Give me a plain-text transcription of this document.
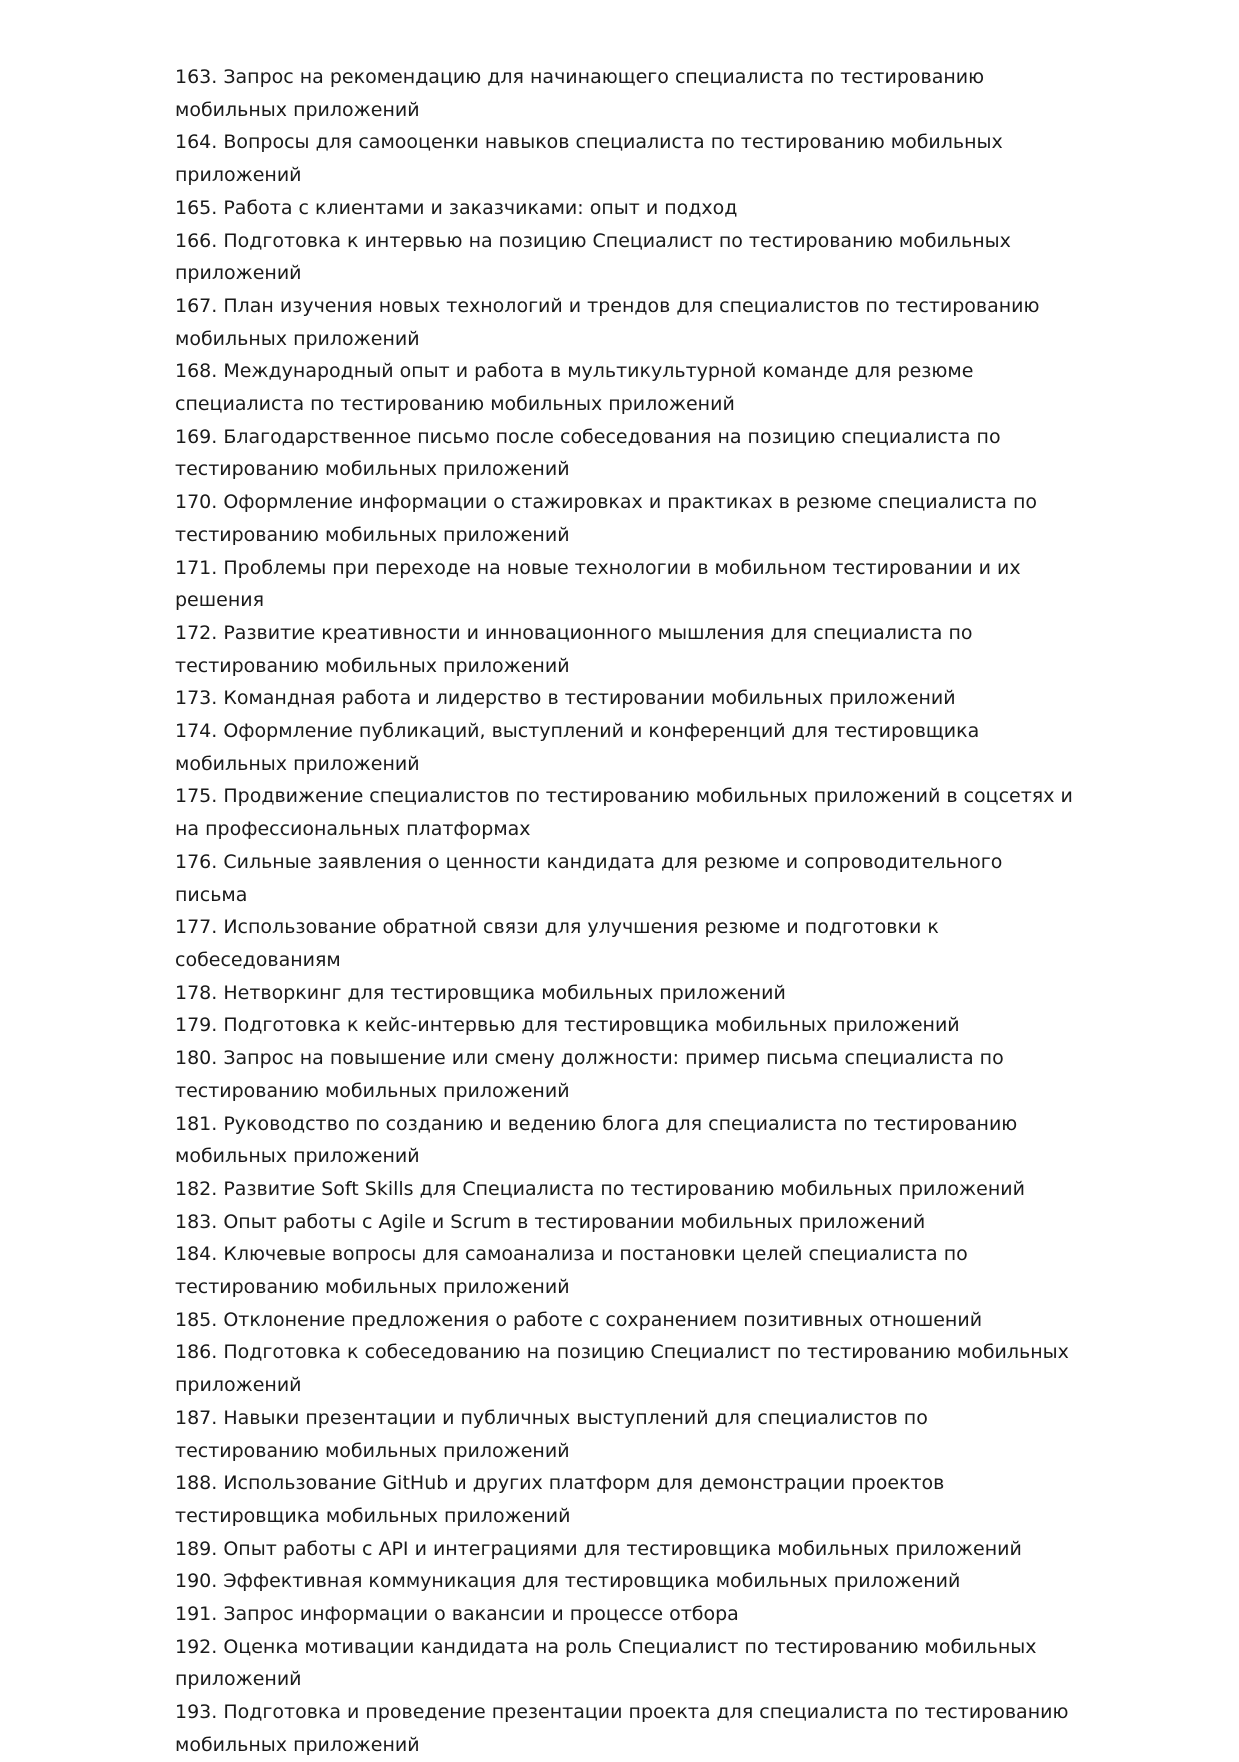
163. Запрос на рекомендацию для начинающего специалиста по тестированию мобильных приложений
164. Вопросы для самооценки навыков специалиста по тестированию мобильных приложений
165. Работа с клиентами и заказчиками: опыт и подход
166. Подготовка к интервью на позицию Специалист по тестированию мобильных приложений
167. План изучения новых технологий и трендов для специалистов по тестированию мобильных приложений
168. Международный опыт и работа в мультикультурной команде для резюме специалиста по тестированию мобильных приложений
169. Благодарственное письмо после собеседования на позицию специалиста по тестированию мобильных приложений
170. Оформление информации о стажировках и практиках в резюме специалиста по тестированию мобильных приложений
171. Проблемы при переходе на новые технологии в мобильном тестировании и их решения
172. Развитие креативности и инновационного мышления для специалиста по тестированию мобильных приложений
173. Командная работа и лидерство в тестировании мобильных приложений
174. Оформление публикаций, выступлений и конференций для тестировщика мобильных приложений
175. Продвижение специалистов по тестированию мобильных приложений в соцсетях и на профессиональных платформах
176. Сильные заявления о ценности кандидата для резюме и сопроводительного письма
177. Использование обратной связи для улучшения резюме и подготовки к собеседованиям
178. Нетворкинг для тестировщика мобильных приложений
179. Подготовка к кейс-интервью для тестировщика мобильных приложений
180. Запрос на повышение или смену должности: пример письма специалиста по тестированию мобильных приложений
181. Руководство по созданию и ведению блога для специалиста по тестированию мобильных приложений
182. Развитие Soft Skills для Специалиста по тестированию мобильных приложений
183. Опыт работы с Agile и Scrum в тестировании мобильных приложений
184. Ключевые вопросы для самоанализа и постановки целей специалиста по тестированию мобильных приложений
185. Отклонение предложения о работе с сохранением позитивных отношений
186. Подготовка к собеседованию на позицию Специалист по тестированию мобильных приложений
187. Навыки презентации и публичных выступлений для специалистов по тестированию мобильных приложений
188. Использование GitHub и других платформ для демонстрации проектов тестировщика мобильных приложений
189. Опыт работы с API и интеграциями для тестировщика мобильных приложений
190. Эффективная коммуникация для тестировщика мобильных приложений
191. Запрос информации о вакансии и процессе отбора
192. Оценка мотивации кандидата на роль Специалист по тестированию мобильных приложений
193. Подготовка и проведение презентации проекта для специалиста по тестированию мобильных приложений
